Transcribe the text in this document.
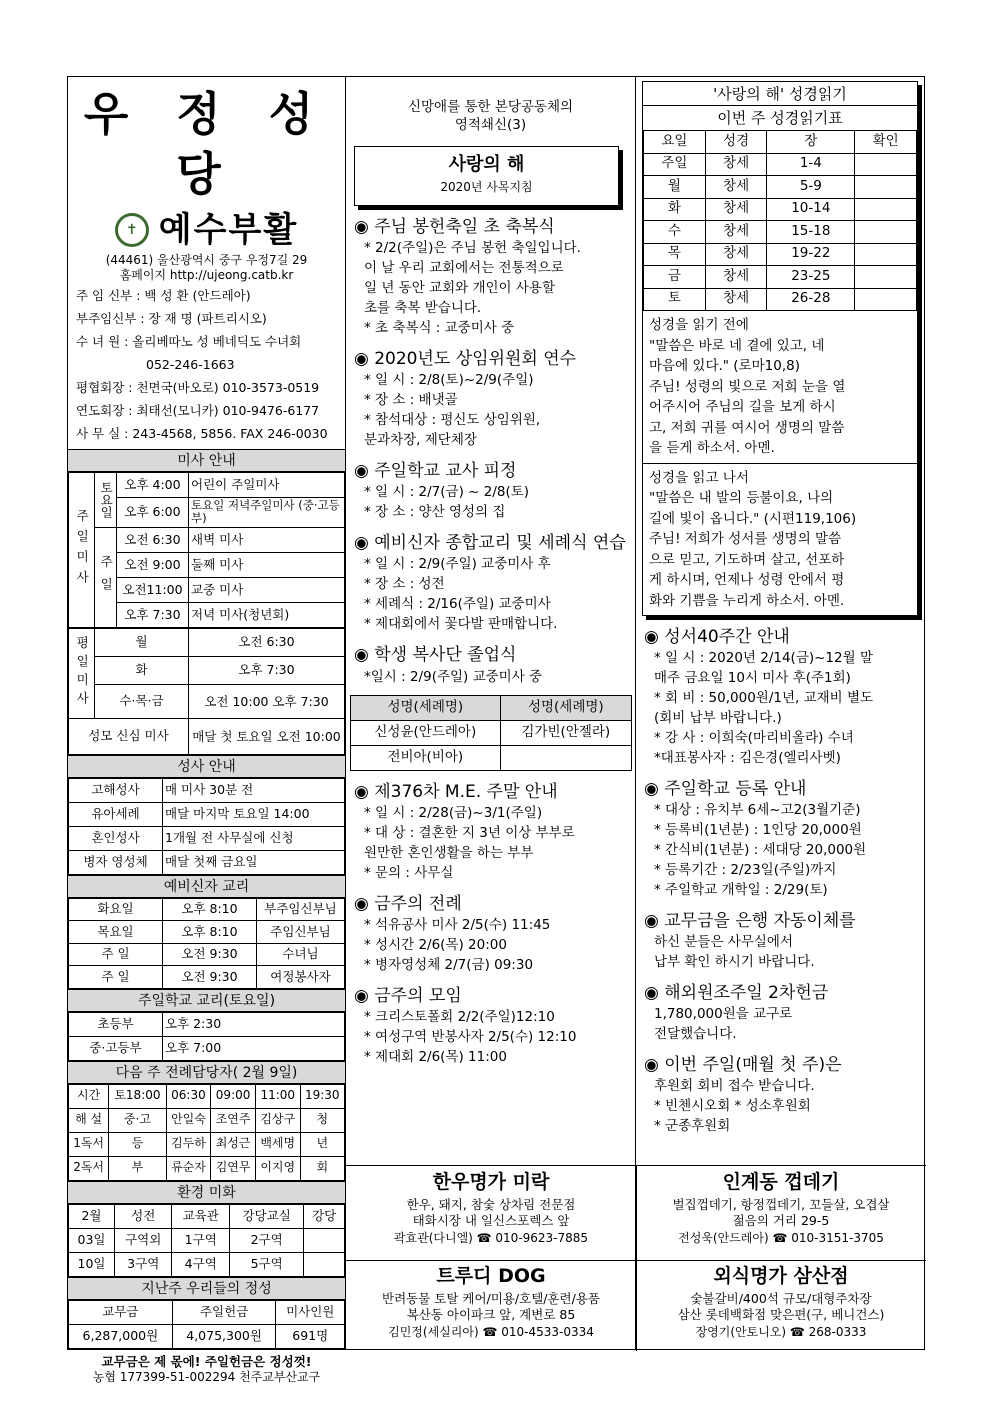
우 정 성 당
✝ 예수부활
(44461) 울산광역시 중구 우정7길 29
홈페이지 http://ujeong.catb.kr
주 임 신부 : 백 성 환 (안드레아)
부주임신부 : 장 재 명 (파트리시오)
수 녀 원 : 올리베따노 성 베네딕도 수녀회
052-246-1663
평협회장 : 천면국(바오로) 010-3573-0519
연도회장 : 최태선(모니카) 010-9476-6177
사 무 실 : 243-4568, 5856. FAX 246-0030
미사 안내
주일미사	토요일	오후 4:00	어린이 주일미사
		오후 6:00	토요일 저녁주일미사 (중·고등부)
	주일	오전 6:30	새벽 미사
		오전 9:00	둘째 미사
		오전11:00	교중 미사
		오후 7:30	저녁 미사(청년회)
평일미사	월	오전 6:30
	화	오후 7:30
	수·목·금	오전 10:00 오후 7:30
성모 신심 미사		매달 첫 토요일 오전 10:00
성사 안내
고해성사	매 미사 30분 전
유아세례	매달 마지막 토요일 14:00
혼인성사	1개월 전 사무실에 신청
병자 영성체	매달 첫째 금요일
예비신자 교리
화요일	오후 8:10	부주임신부님
목요일	오후 8:10	주임신부님
주 일	오전 9:30	수녀님
주 일	오전 9:30	여정봉사자
주일학교 교리(토요일)
초등부	오후 2:30
중·고등부	오후 7:00
다음 주 전례담당자( 2월 9일)
시간	토18:00	06:30	09:00	11:00	19:30
해 설	중·고	안일숙	조연주	김상구	청
1독서	등	김두하	최성근	백세명	년
2독서	부	류순자	김연무	이지영	회
환경 미화
2월	성전	교육관	강당교실	강당
03일	구역외	1구역	2구역	
10일	3구역	4구역	5구역	
지난주 우리들의 정성
교무금	주일헌금	미사인원
6,287,000원	4,075,300원	691명
교무금은 제 몫에! 주일헌금은 정성껏!
농협 177399-51-002294 천주교부산교구
신망애를 통한 본당공동체의
영적쇄신(3)
사랑의 해
2020년 사목지침
◉ 주님 봉헌축일 초 축복식
* 2/2(주일)은 주님 봉헌 축일입니다.
이 날 우리 교회에서는 전통적으로
일 년 동안 교회와 개인이 사용할
초를 축복 받습니다.
* 초 축복식 : 교중미사 중
◉ 2020년도 상임위원회 연수
* 일 시 : 2/8(토)~2/9(주일)
* 장 소 : 배냇골
* 참석대상 : 평신도 상임위원,
분과차장, 제단체장
◉ 주일학교 교사 피정
* 일 시 : 2/7(금) ~ 2/8(토)
* 장 소 : 양산 영성의 집
◉ 예비신자 종합교리 및 세례식 연습
* 일 시 : 2/9(주일) 교중미사 후
* 장 소 : 성전
* 세례식 : 2/16(주일) 교중미사
* 제대회에서 꽃다발 판매합니다.
◉ 학생 복사단 졸업식
*일시 : 2/9(주일) 교중미사 중
성명(세례명)	성명(세례명)
신성윤(안드레아)	김가빈(안젤라)
전비아(비아)	
◉ 제376차 M.E. 주말 안내
* 일 시 : 2/28(금)~3/1(주일)
* 대 상 : 결혼한 지 3년 이상 부부로
원만한 혼인생활을 하는 부부
* 문의 : 사무실
◉ 금주의 전례
* 석유공사 미사 2/5(수) 11:45
* 성시간 2/6(목) 20:00
* 병자영성체 2/7(금) 09:30
◉ 금주의 모임
* 크리스토폴회 2/2(주일)12:10
* 여성구역 반봉사자 2/5(수) 12:10
* 제대회 2/6(목) 11:00
'사랑의 해' 성경읽기
이번 주 성경읽기표
요일	성경	장	확인
주일	창세	1-4	
월	창세	5-9	
화	창세	10-14	
수	창세	15-18	
목	창세	19-22	
금	창세	23-25	
토	창세	26-28	
성경을 읽기 전에
"말씀은 바로 네 곁에 있고, 네
마음에 있다." (로마10,8)
주님! 성령의 빛으로 저희 눈을 열
어주시어 주님의 길을 보게 하시
고, 저희 귀를 여시어 생명의 말씀
을 듣게 하소서. 아멘.
성경을 읽고 나서
"말씀은 내 발의 등불이요, 나의
길에 빛이 옵니다." (시편119,106)
주님! 저희가 성서를 생명의 말씀
으로 믿고, 기도하며 살고, 선포하
게 하시며, 언제나 성령 안에서 평
화와 기쁨을 누리게 하소서. 아멘.
◉ 성서40주간 안내
* 일 시 : 2020년 2/14(금)~12월 말
매주 금요일 10시 미사 후(주1회)
* 회 비 : 50,000원/1년, 교재비 별도
(회비 납부 바랍니다.)
* 강 사 : 이희숙(마리비올라) 수녀
*대표봉사자 : 김은경(엘리사벳)
◉ 주일학교 등록 안내
* 대상 : 유치부 6세~고2(3월기준)
* 등록비(1년분) : 1인당 20,000원
* 간식비(1년분) : 세대당 20,000원
* 등록기간 : 2/23일(주일)까지
* 주일학교 개학일 : 2/29(토)
◉ 교무금을 은행 자동이체를
하신 분들은 사무실에서
납부 확인 하시기 바랍니다.
◉ 해외원조주일 2차헌금
1,780,000원을 교구로
전달했습니다.
◉ 이번 주일(매월 첫 주)은
후원회 회비 접수 받습니다.
* 빈첸시오회 * 성소후원회
* 군종후원회
한우명가 미락
한우, 돼지, 참숯 상차림 전문점
태화시장 내 일신스포렉스 앞
곽효관(다니엘) ☎ 010-9623-7885
인계동 껍데기
벌집껍데기, 항정껍데기, 꼬들살, 오겹살
젊음의 거리 29-5
전성욱(안드레아) ☎ 010-3151-3705
트루디 DOG
반려동물 토탈 케어/미용/호텔/훈련/용품
복산동 아이파크 앞, 계변로 85
김민정(세실리아) ☎ 010-4533-0334
외식명가 삼산점
숯불갈비/400석 규모/대형주차장
삼산 롯데백화점 맞은편(구, 베니건스)
장영기(안토니오) ☎ 268-0333
